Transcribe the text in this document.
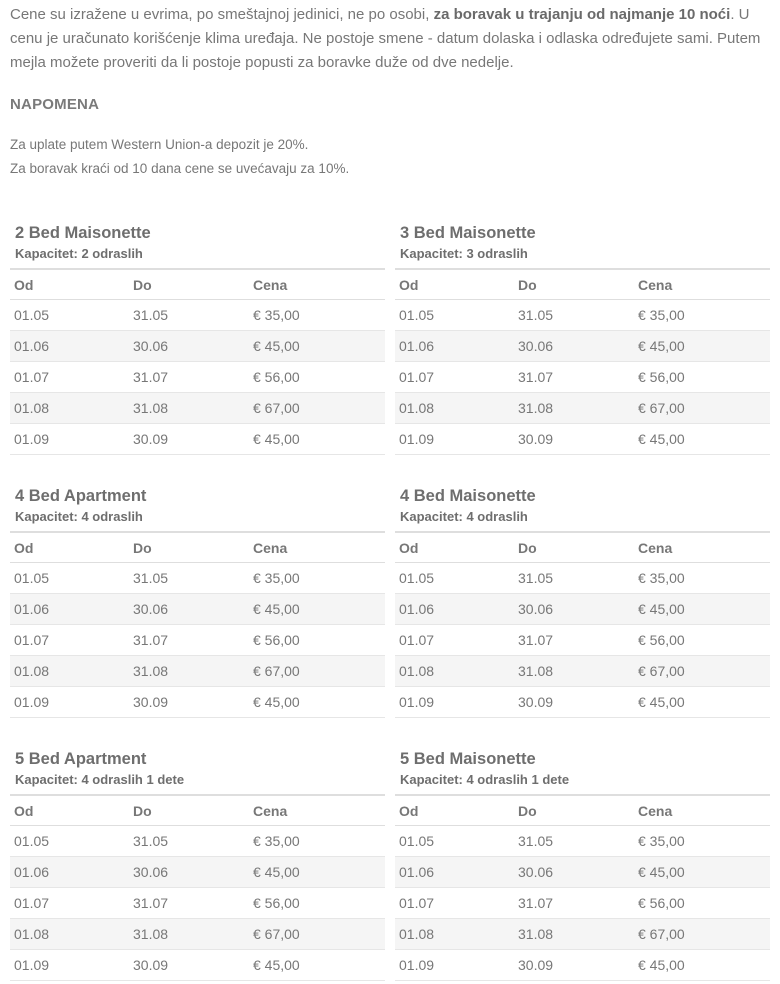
Cene su izražene u evrima, po smeštajnoj jedinici, ne po osobi, za boravak u trajanju od najmanje 10 noći. U cenu je uračunato korišćenje klima uređaja. Ne postoje smene - datum dolaska i odlaska određujete sami. Putem mejla možete proveriti da li postoje popusti za boravke duže od dve nedelje.

NAPOMENA

Za uplate putem Western Union-a depozit je 20%.

Za boravak kraći od 10 dana cene se uvećavaju za 10%.

2 Bed Maisonette
Kapacitet: 2 odraslih
Od	Do	Cena
01.05	31.05	€ 35,00
01.06	30.06	€ 45,00
01.07	31.07	€ 56,00
01.08	31.08	€ 67,00
01.09	30.09	€ 45,00
3 Bed Maisonette
Kapacitet: 3 odraslih
Od	Do	Cena
01.05	31.05	€ 35,00
01.06	30.06	€ 45,00
01.07	31.07	€ 56,00
01.08	31.08	€ 67,00
01.09	30.09	€ 45,00
4 Bed Apartment
Kapacitet: 4 odraslih
Od	Do	Cena
01.05	31.05	€ 35,00
01.06	30.06	€ 45,00
01.07	31.07	€ 56,00
01.08	31.08	€ 67,00
01.09	30.09	€ 45,00
4 Bed Maisonette
Kapacitet: 4 odraslih
Od	Do	Cena
01.05	31.05	€ 35,00
01.06	30.06	€ 45,00
01.07	31.07	€ 56,00
01.08	31.08	€ 67,00
01.09	30.09	€ 45,00
5 Bed Apartment
Kapacitet: 4 odraslih 1 dete
Od	Do	Cena
01.05	31.05	€ 35,00
01.06	30.06	€ 45,00
01.07	31.07	€ 56,00
01.08	31.08	€ 67,00
01.09	30.09	€ 45,00
5 Bed Maisonette
Kapacitet: 4 odraslih 1 dete
Od	Do	Cena
01.05	31.05	€ 35,00
01.06	30.06	€ 45,00
01.07	31.07	€ 56,00
01.08	31.08	€ 67,00
01.09	30.09	€ 45,00
